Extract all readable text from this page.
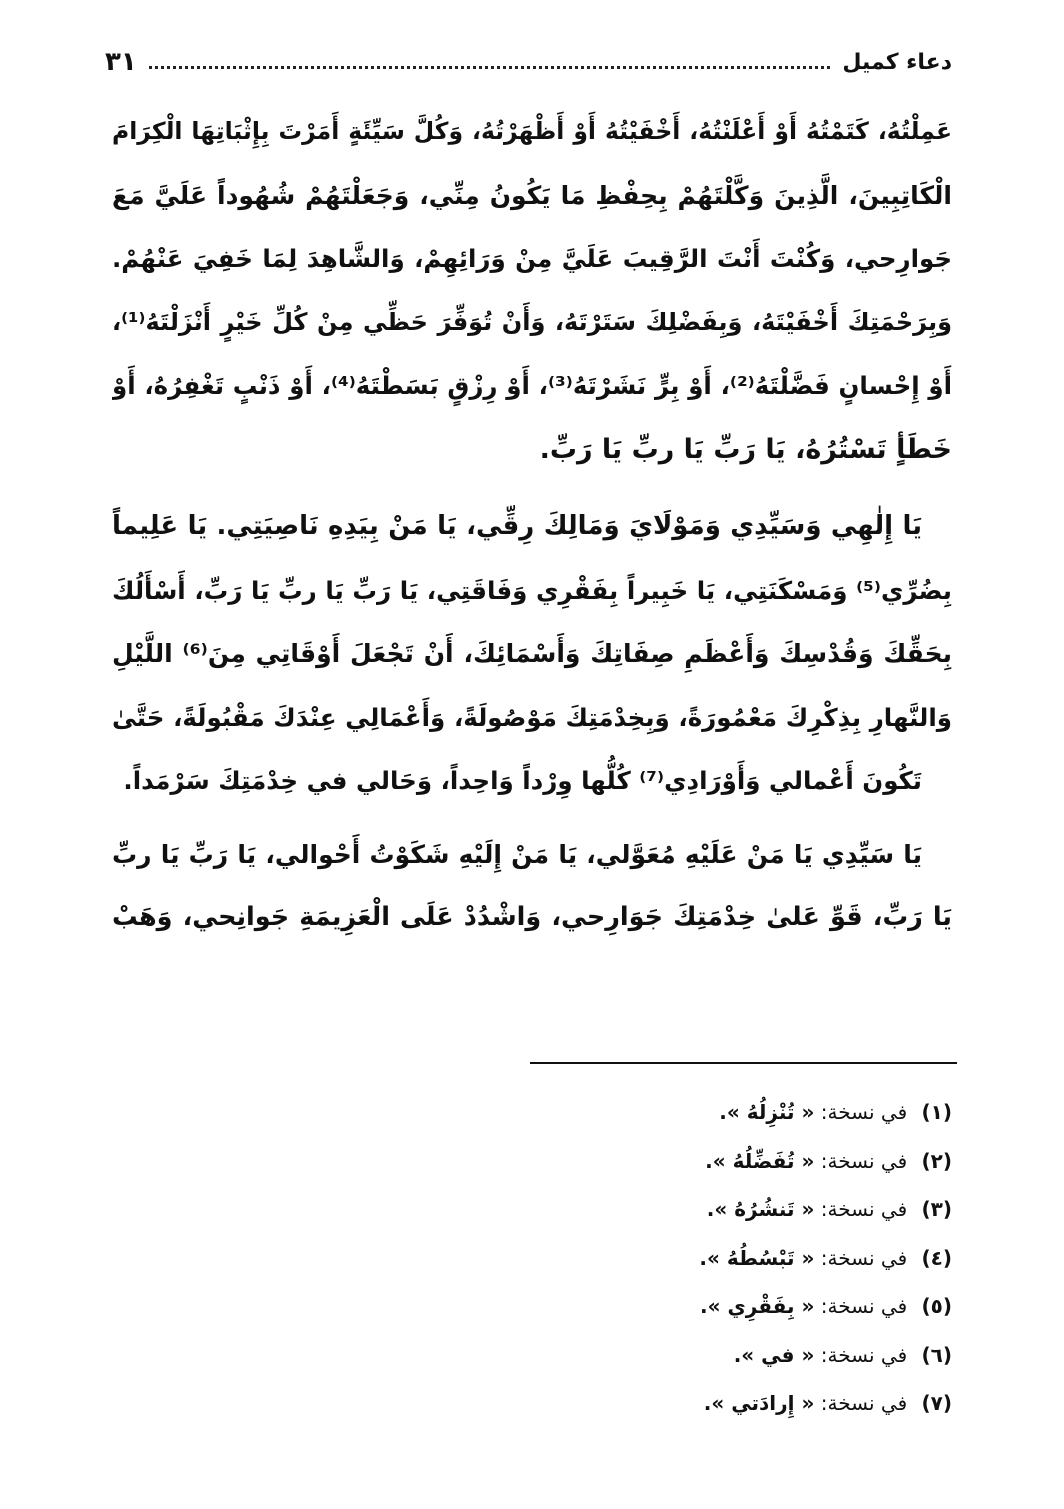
دعاء كميل
٣١
عَمِلْتُهُ، كَتَمْتُهُ أَوْ أَعْلَنْتُهُ، أَخْفَيْتُهُ أَوْ أَظْهَرْتُهُ، وَكُلَّ سَيِّئَةٍ أَمَرْتَ بِإِثْبَاتِهَا الْكِرَامَ
الْكَاتِبِينَ، الَّذِينَ وَكَّلْتَهُمْ بِحِفْظِ مَا يَكُونُ مِنِّي، وَجَعَلْتَهُمْ شُهُوداً عَلَيَّ مَعَ
جَوارِحي، وَكُنْتَ أَنْتَ الرَّقِيبَ عَلَيَّ مِنْ وَرَائِهِمْ، وَالشَّاهِدَ لِمَا خَفِيَ عَنْهُمْ.
وَبِرَحْمَتِكَ أَخْفَيْتَهُ، وَبِفَضْلِكَ سَتَرْتَهُ، وَأَنْ تُوَفِّرَ حَظِّي مِنْ كُلِّ خَيْرٍ أَنْزَلْتَهُ⁽¹⁾،
أَوْ إِحْسانٍ فَضَّلْتَهُ⁽²⁾، أَوْ بِرٍّ نَشَرْتَهُ⁽³⁾، أَوْ رِزْقٍ بَسَطْتَهُ⁽⁴⁾، أَوْ ذَنْبٍ تَغْفِرُهُ، أَوْ
خَطَأٍ تَسْتُرُهُ، يَا رَبِّ يَا ربِّ يَا رَبِّ.
يَا إِلٰهِي وَسَيِّدِي وَمَوْلَايَ وَمَالِكَ رِقِّي، يَا مَنْ بِيَدِهِ نَاصِيَتِي. يَا عَلِيماً
بِضُرِّي⁽⁵⁾ وَمَسْكَنَتِي، يَا خَبِيراً بِفَقْرِي وَفَاقَتِي، يَا رَبِّ يَا ربِّ يَا رَبِّ، أَسْأَلُكَ
بِحَقِّكَ وَقُدْسِكَ وَأَعْظَمِ صِفَاتِكَ وَأَسْمَائِكَ، أَنْ تَجْعَلَ أَوْقَاتِي مِنَ⁽⁶⁾ اللَّيْلِ
وَالنَّهارِ بِذِكْرِكَ مَعْمُورَةً، وَبِخِدْمَتِكَ مَوْصُولَةً، وَأَعْمَالِي عِنْدَكَ مَقْبُولَةً، حَتَّىٰ
تَكُونَ أَعْمالي وَأَوْرَادِي⁽⁷⁾ كُلُّها وِرْداً وَاحِداً، وَحَالي في خِدْمَتِكَ سَرْمَداً.
يَا سَيِّدِي يَا مَنْ عَلَيْهِ مُعَوَّلي، يَا مَنْ إِلَيْهِ شَكَوْتُ أَحْوالي، يَا رَبِّ يَا ربِّ
يَا رَبِّ، قَوِّ عَلىٰ خِدْمَتِكَ جَوَارِحي، وَاشْدُدْ عَلَى الْعَزِيمَةِ جَوانِحي، وَهَبْ
(١) في نسخة: « تُنْزِلُهُ ».
(٢) في نسخة: « تُفَضِّلُهُ ».
(٣) في نسخة: « تَنشُرُهُ ».
(٤) في نسخة: « تَبْسُطُهُ ».
(٥) في نسخة: « بِفَقْرِي ».
(٦) في نسخة: « في ».
(٧) في نسخة: « إِرادَتي ».
